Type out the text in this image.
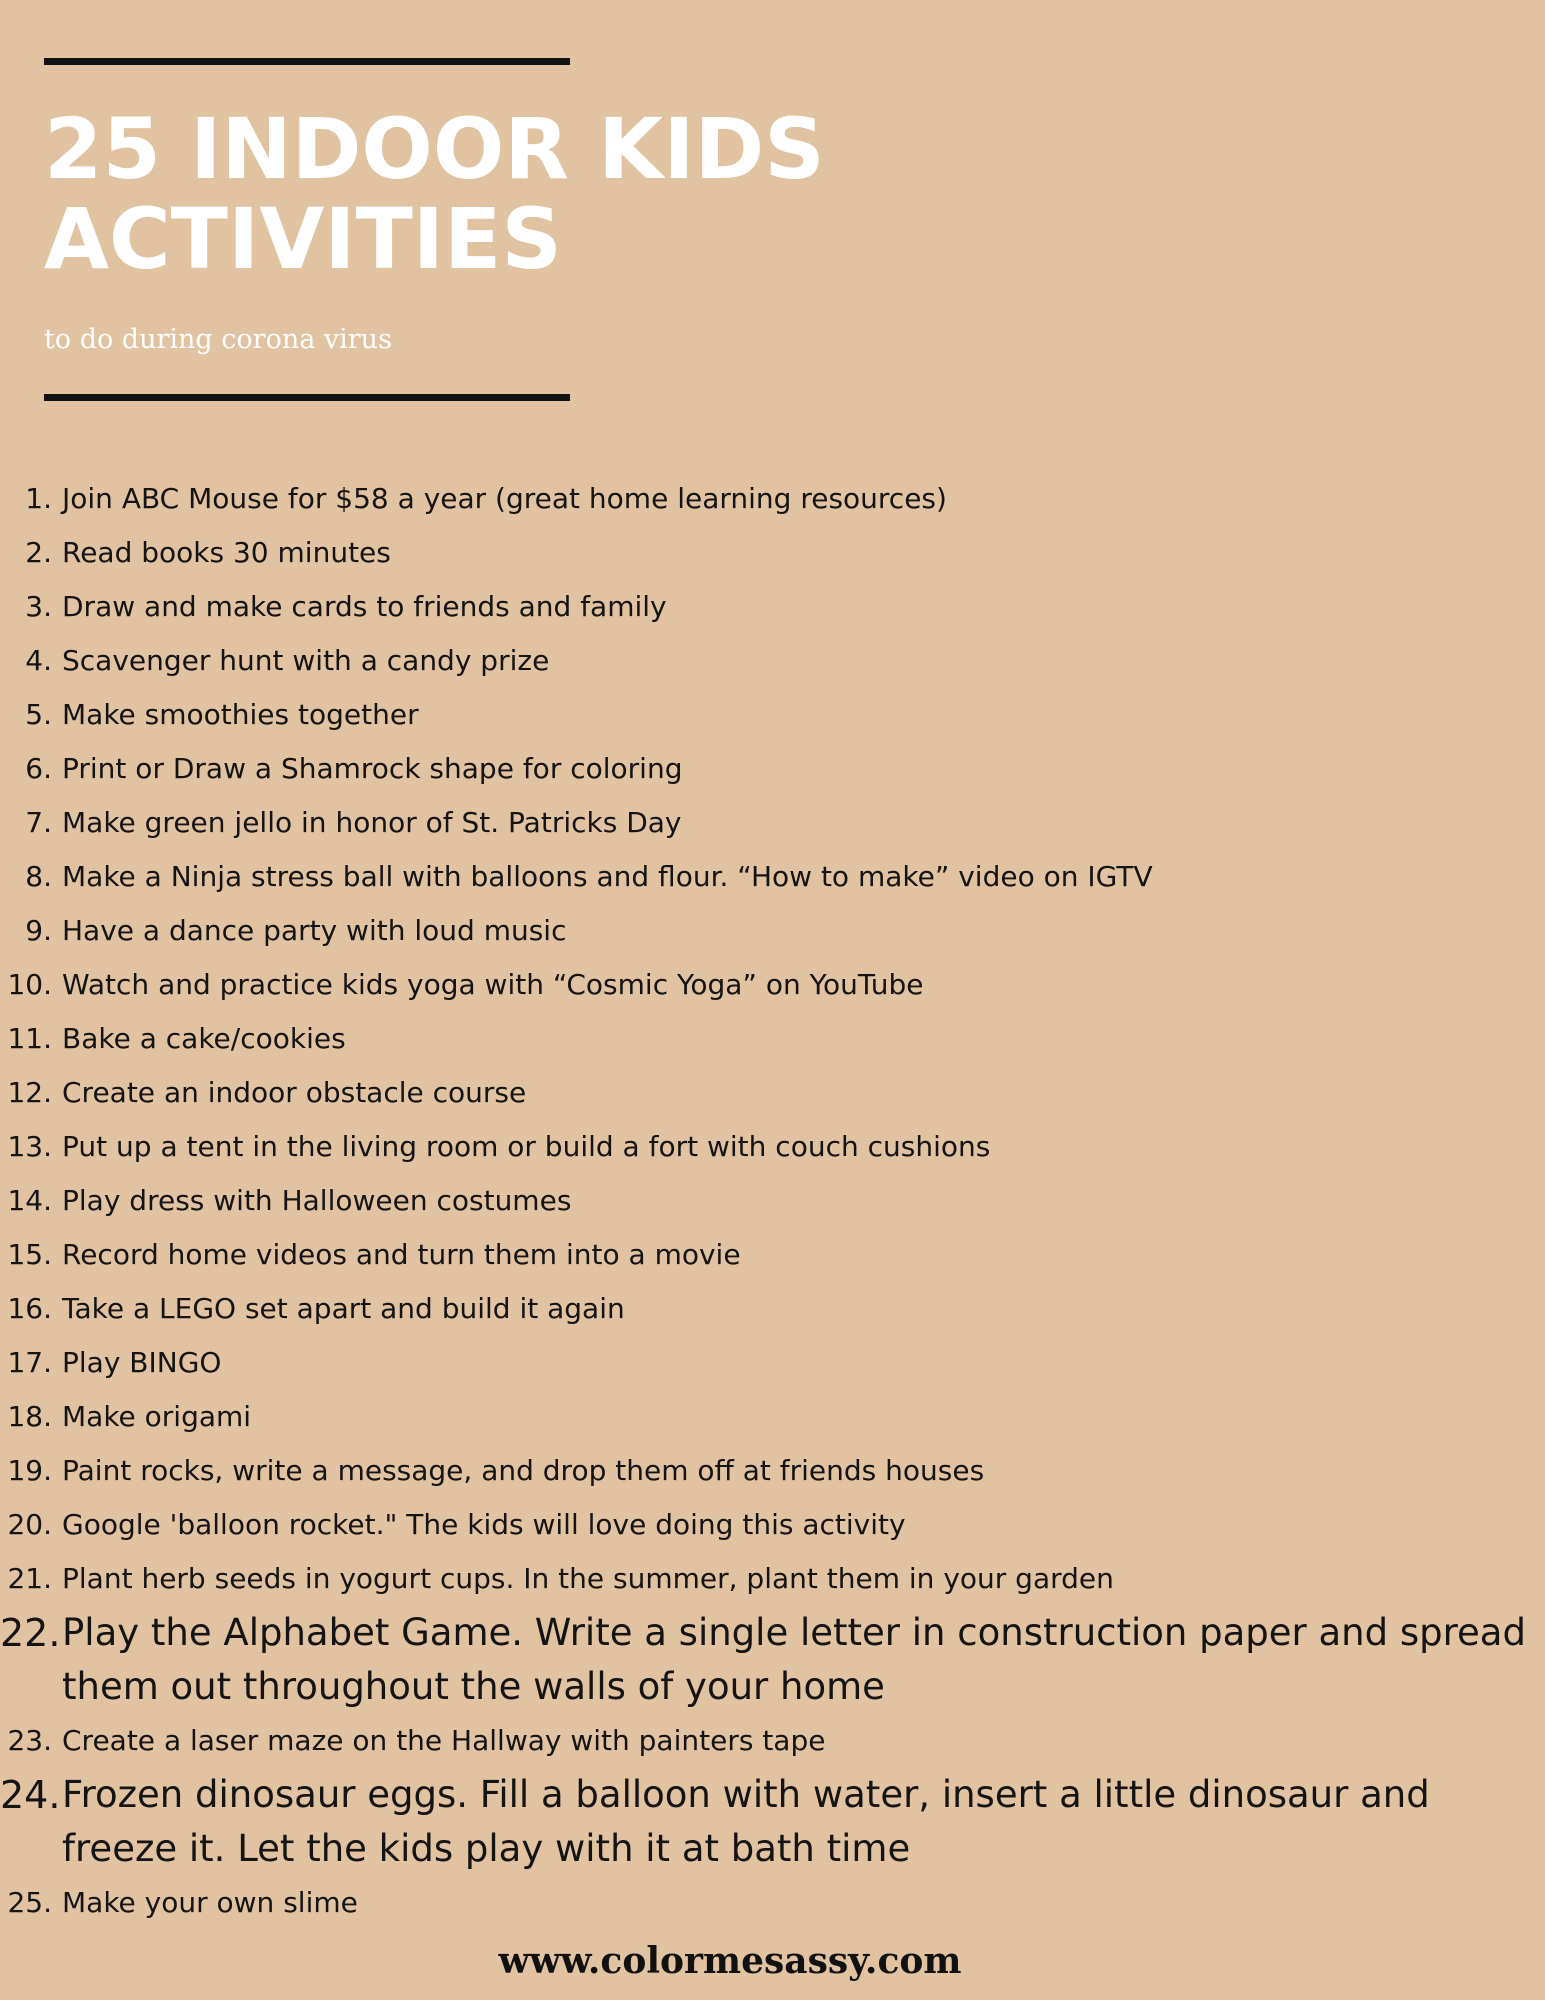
25 INDOOR KIDS
ACTIVITIES
to do during corona virus
1. Join ABC Mouse for $58 a year (great home learning resources)
2. Read books 30 minutes
3. Draw and make cards to friends and family
4. Scavenger hunt with a candy prize
5. Make smoothies together
6. Print or Draw a Shamrock shape for coloring
7. Make green jello in honor of St. Patricks Day
8. Make a Ninja stress ball with balloons and flour. “How to make” video on IGTV
9. Have a dance party with loud music
10. Watch and practice kids yoga with “Cosmic Yoga” on YouTube
11. Bake a cake/cookies
12. Create an indoor obstacle course
13. Put up a tent in the living room or build a fort with couch cushions
14. Play dress with Halloween costumes
15. Record home videos and turn them into a movie
16. Take a LEGO set apart and build it again
17. Play BINGO
18.Make origami
19. Paint rocks, write a message, and drop them off at friends houses
20.Google 'balloon rocket." The kids will love doing this activity
21.Plant herb seeds in yogurt cups. In the summer, plant them in your garden
22.Play the Alphabet Game. Write a single letter in construction paper and spread them out throughout the walls of your home
23.Create a laser maze on the Hallway with painters tape
24.Frozen dinosaur eggs. Fill a balloon with water, insert a little dinosaur and freeze it. Let the kids play with it at bath time
25.Make your own slime
www.colormesassy.com
